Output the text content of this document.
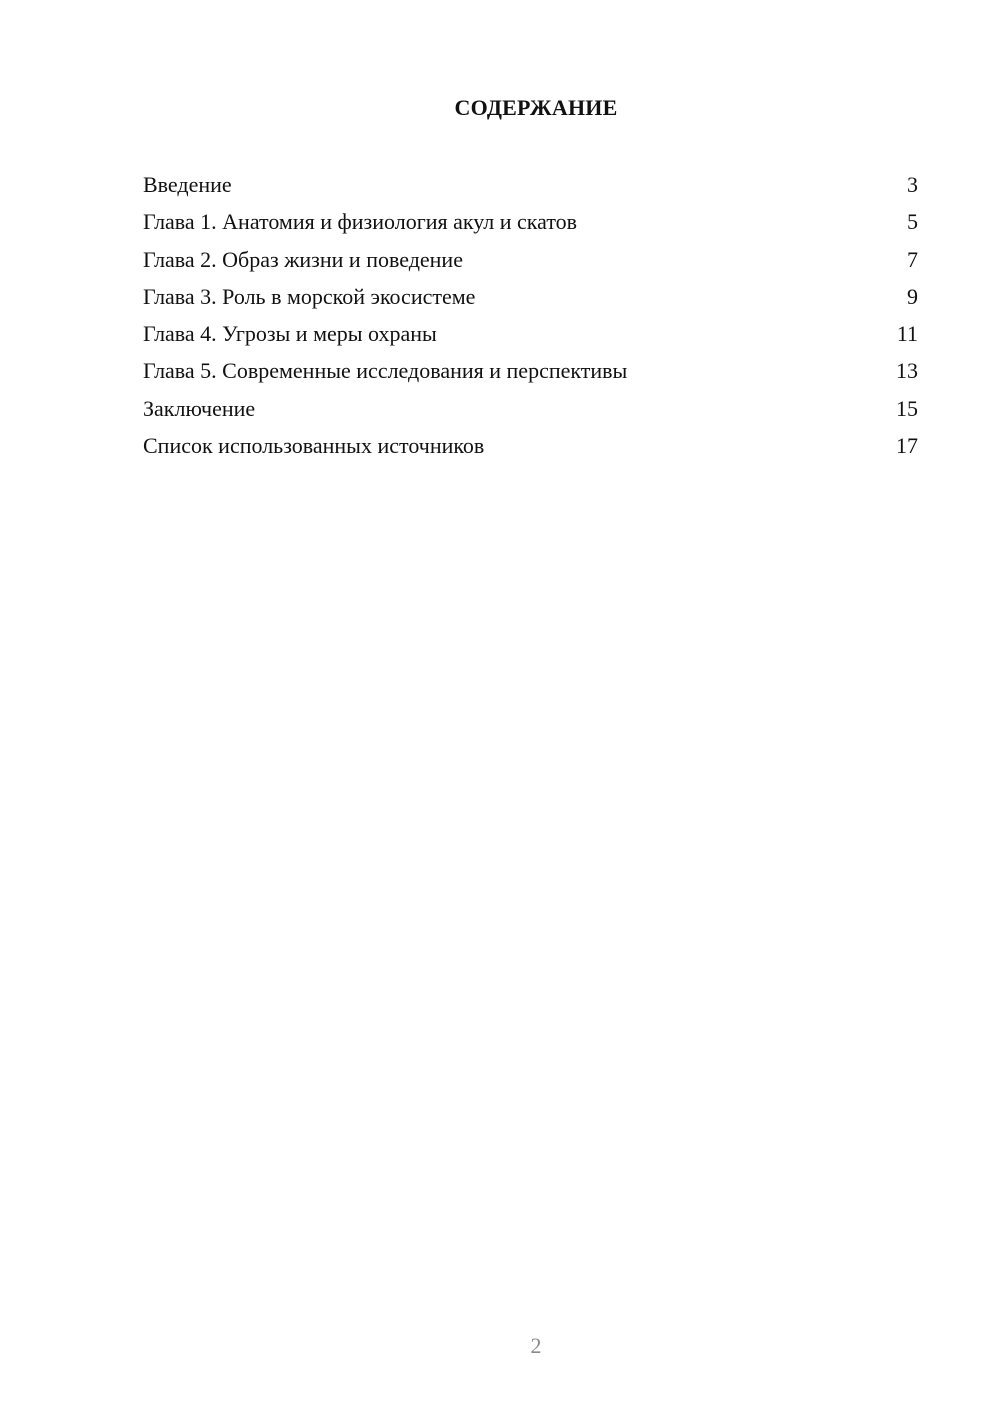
СОДЕРЖАНИЕ
Введение	3
Глава 1. Анатомия и физиология акул и скатов	5
Глава 2. Образ жизни и поведение	7
Глава 3. Роль в морской экосистеме	9
Глава 4. Угрозы и меры охраны	11
Глава 5. Современные исследования и перспективы	13
Заключение	15
Список использованных источников	17
2
